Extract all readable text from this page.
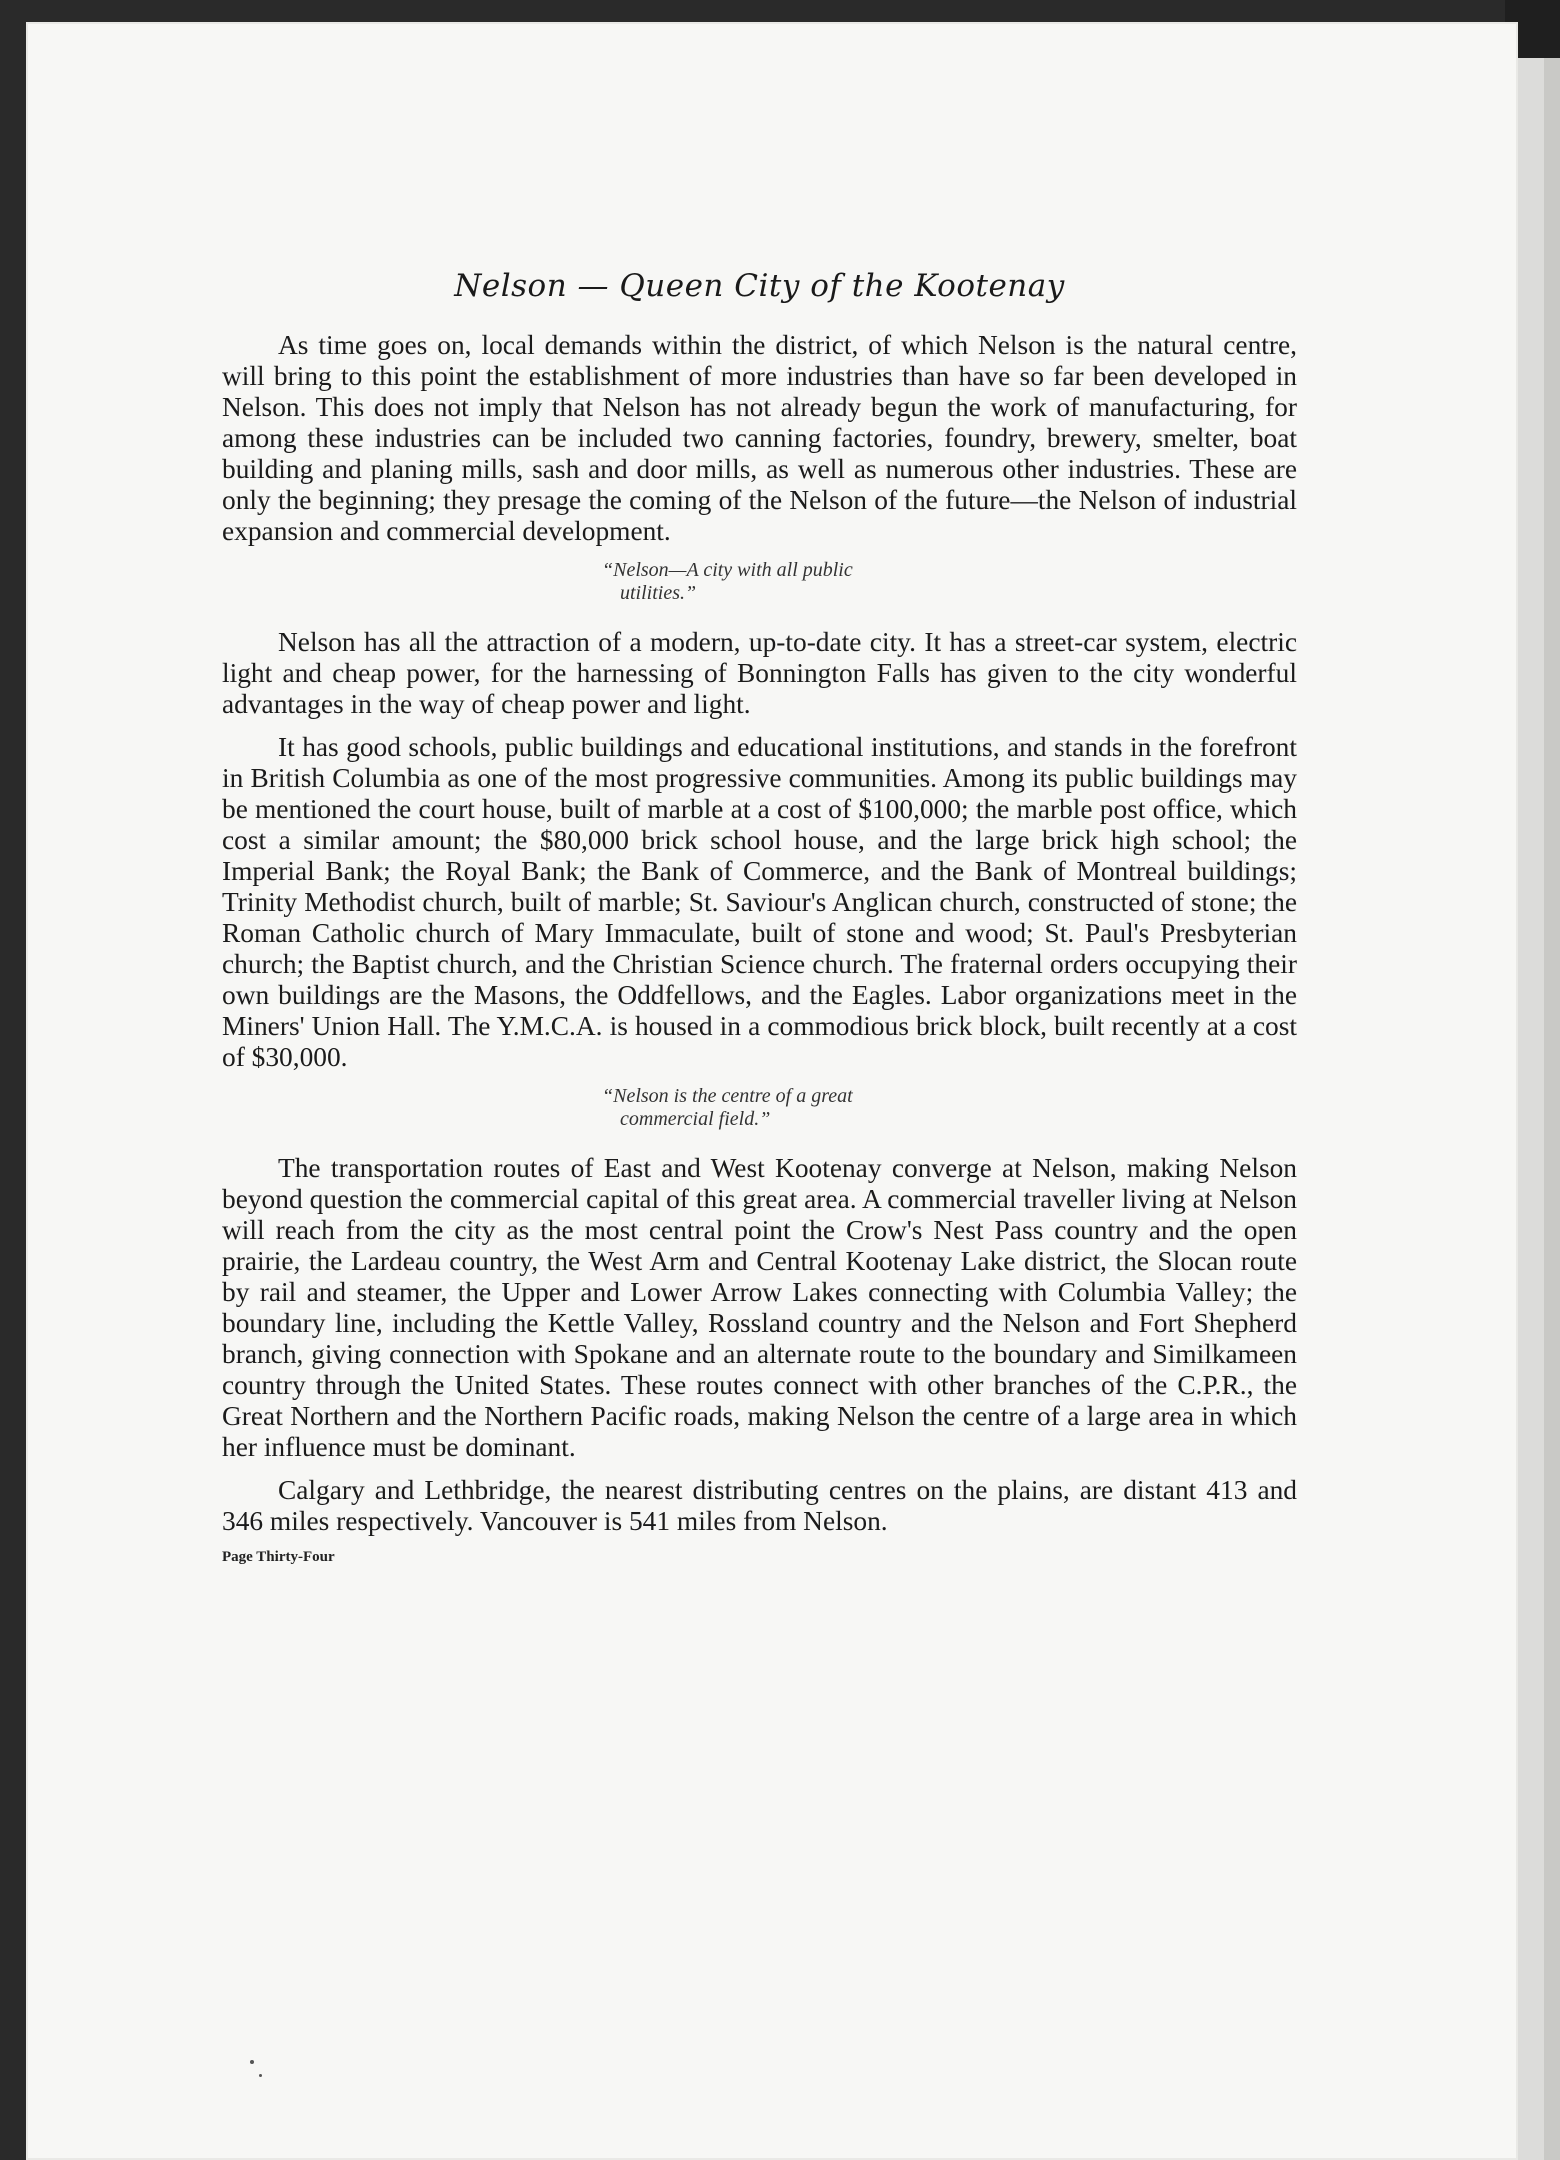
Nelson — Queen City of the Kootenay

As time goes on, local demands within the district, of which Nelson is the natural centre, will bring to this point the establishment of more industries than have so far been developed in Nelson. This does not imply that Nelson has not already begun the work of manufacturing, for among these industries can be included two canning factories, foundry, brewery, smelter, boat building and planing mills, sash and door mills, as well as numerous other industries. These are only the beginning; they presage the coming of the Nelson of the future—the Nelson of industrial expansion and commercial development.

“Nelson—A city with all public
utilities.”

Nelson has all the attraction of a modern, up-to-date city. It has a street-car system, electric light and cheap power, for the harnessing of Bonnington Falls has given to the city wonderful advantages in the way of cheap power and light.

It has good schools, public buildings and educational institutions, and stands in the forefront in British Columbia as one of the most progressive communities. Among its public buildings may be mentioned the court house, built of marble at a cost of $100,000; the marble post office, which cost a similar amount; the $80,000 brick school house, and the large brick high school; the Imperial Bank; the Royal Bank; the Bank of Commerce, and the Bank of Montreal buildings; Trinity Methodist church, built of marble; St. Saviour's Anglican church, constructed of stone; the Roman Catholic church of Mary Immaculate, built of stone and wood; St. Paul's Presbyterian church; the Baptist church, and the Christian Science church. The fraternal orders occupying their own buildings are the Masons, the Oddfellows, and the Eagles. Labor organizations meet in the Miners' Union Hall. The Y.M.C.A. is housed in a commodious brick block, built recently at a cost of $30,000.

“Nelson is the centre of a great
commercial field.”

The transportation routes of East and West Kootenay converge at Nelson, making Nelson beyond question the commercial capital of this great area. A commercial traveller living at Nelson will reach from the city as the most central point the Crow's Nest Pass country and the open prairie, the Lardeau country, the West Arm and Central Kootenay Lake district, the Slocan route by rail and steamer, the Upper and Lower Arrow Lakes connecting with Columbia Valley; the boundary line, including the Kettle Valley, Rossland country and the Nelson and Fort Shepherd branch, giving connection with Spokane and an alternate route to the boundary and Similkameen country through the United States. These routes connect with other branches of the C.P.R., the Great Northern and the Northern Pacific roads, making Nelson the centre of a large area in which her influence must be dominant.

Calgary and Lethbridge, the nearest distributing centres on the plains, are distant 413 and 346 miles respectively. Vancouver is 541 miles from Nelson.

Page Thirty-Four
